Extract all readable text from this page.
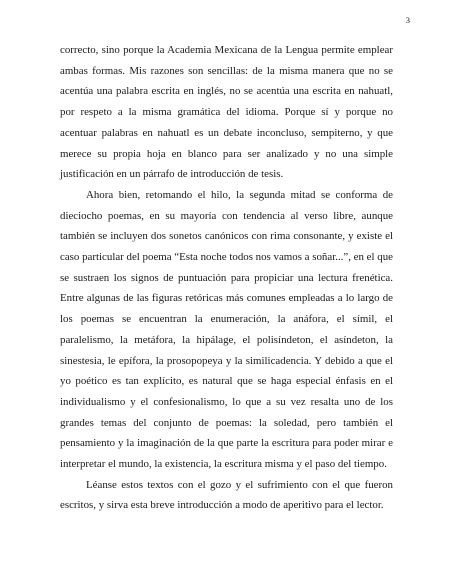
3

correcto, sino porque la Academia Mexicana de la Lengua permite emplear ambas formas. Mis razones son sencillas: de la misma manera que no se acentúa una palabra escrita en inglés, no se acentúa una escrita en nahuatl, por respeto a la misma gramática del idioma. Porque sí y porque no acentuar palabras en nahuatl es un debate inconcluso, sempiterno, y que merece su propia hoja en blanco para ser analizado y no una simple justificación en un párrafo de introducción de tesis.

Ahora bien, retomando el hilo, la segunda mitad se conforma de dieciocho poemas, en su mayoría con tendencia al verso libre, aunque también se incluyen dos sonetos canónicos con rima consonante, y existe el caso particular del poema “Esta noche todos nos vamos a soñar...”, en el que se sustraen los signos de puntuación para propiciar una lectura frenética. Entre algunas de las figuras retóricas más comunes empleadas a lo largo de los poemas se encuentran la enumeración, la anáfora, el símil, el paralelismo, la metáfora, la hipálage, el polisíndeton, el asíndeton, la sinestesia, le epífora, la prosopopeya y la similicadencia. Y debido a que el yo poético es tan explícito, es natural que se haga especial énfasis en el individualismo y el confesionalismo, lo que a su vez resalta uno de los grandes temas del conjunto de poemas: la soledad, pero también el pensamiento y la imaginación de la que parte la escritura para poder mirar e interpretar el mundo, la existencia, la escritura misma y el paso del tiempo.

Léanse estos textos con el gozo y el sufrimiento con el que fueron escritos, y sirva esta breve introducción a modo de aperitivo para el lector.
